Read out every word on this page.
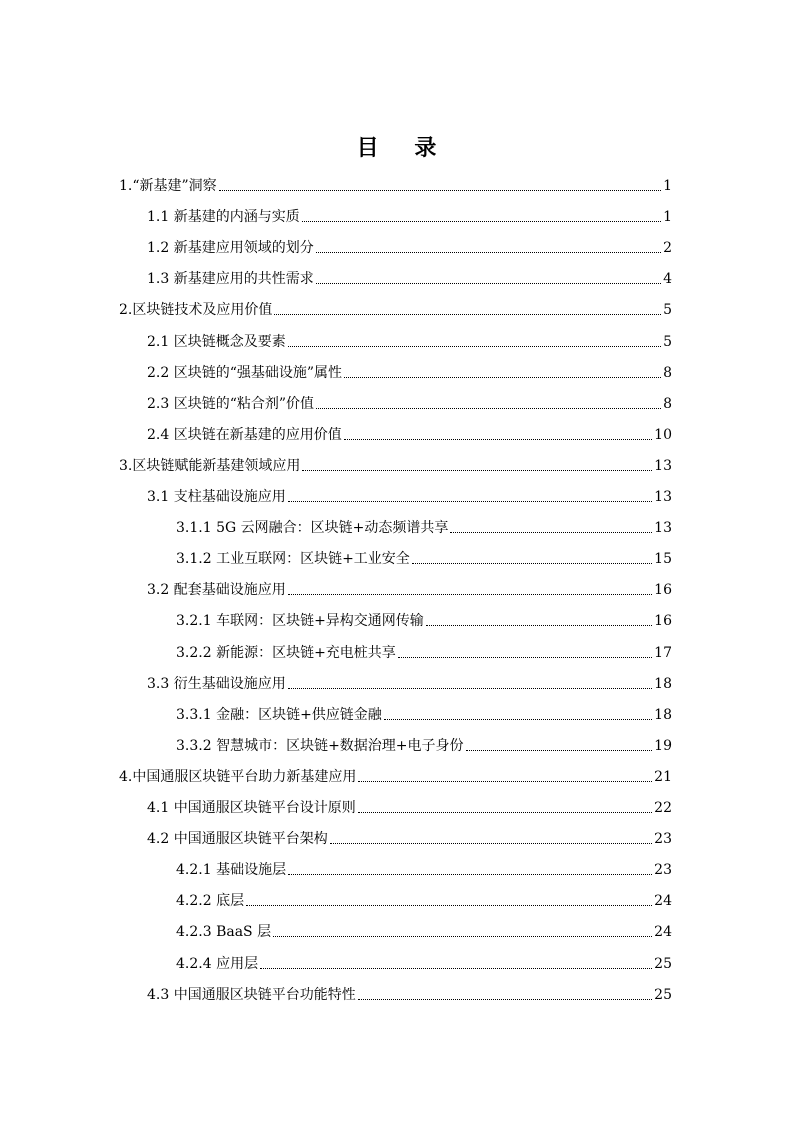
目 录
1.“新基建”洞察	1
1.1 新基建的内涵与实质	1
1.2 新基建应用领域的划分	2
1.3 新基建应用的共性需求	4
2.区块链技术及应用价值	5
2.1 区块链概念及要素	5
2.2 区块链的“强基础设施”属性	8
2.3 区块链的“粘合剂”价值	8
2.4 区块链在新基建的应用价值	10
3.区块链赋能新基建领域应用	13
3.1 支柱基础设施应用	13
3.1.1 5G 云网融合：区块链+动态频谱共享	13
3.1.2 工业互联网：区块链+工业安全	15
3.2 配套基础设施应用	16
3.2.1 车联网：区块链+异构交通网传输	16
3.2.2 新能源：区块链+充电桩共享	17
3.3 衍生基础设施应用	18
3.3.1 金融：区块链+供应链金融	18
3.3.2 智慧城市：区块链+数据治理+电子身份	19
4.中国通服区块链平台助力新基建应用	21
4.1 中国通服区块链平台设计原则	22
4.2 中国通服区块链平台架构	23
4.2.1 基础设施层	23
4.2.2 底层	24
4.2.3 BaaS 层	24
4.2.4 应用层	25
4.3 中国通服区块链平台功能特性	25
